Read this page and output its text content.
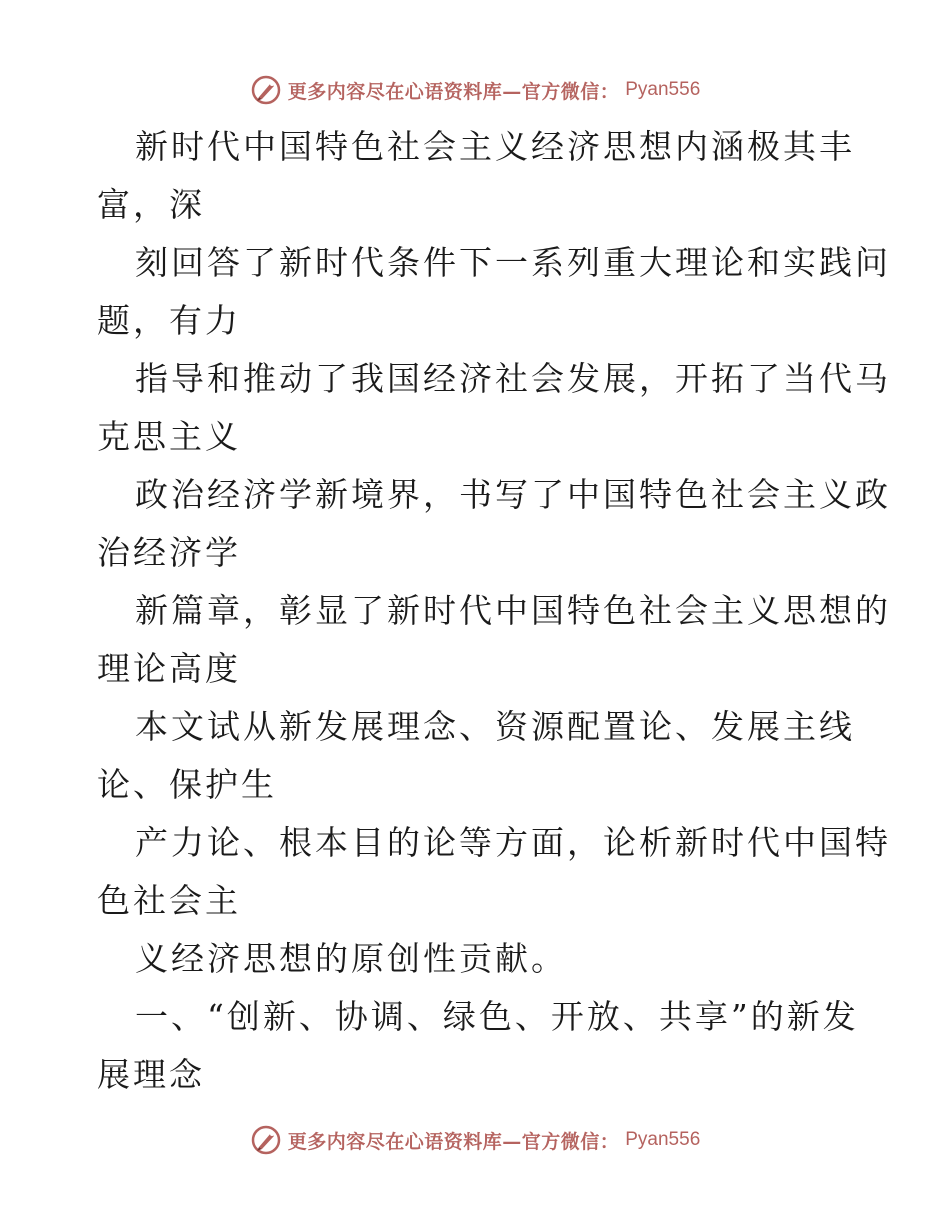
更多内容尽在心语资料库—官方微信： Pyan556

新时代中国特色社会主义经济思想内涵极其丰
富，深

刻回答了新时代条件下一系列重大理论和实践问
题，有力

指导和推动了我国经济社会发展，开拓了当代马
克思主义

政治经济学新境界，书写了中国特色社会主义政
治经济学

新篇章，彰显了新时代中国特色社会主义思想的
理论高度

本文试从新发展理念、资源配置论、发展主线
论、保护生

产力论、根本目的论等方面，论析新时代中国特
色社会主

义经济思想的原创性贡献。

一、“创新、协调、绿色、开放、共享”的新发
展理念

更多内容尽在心语资料库—官方微信： Pyan556
